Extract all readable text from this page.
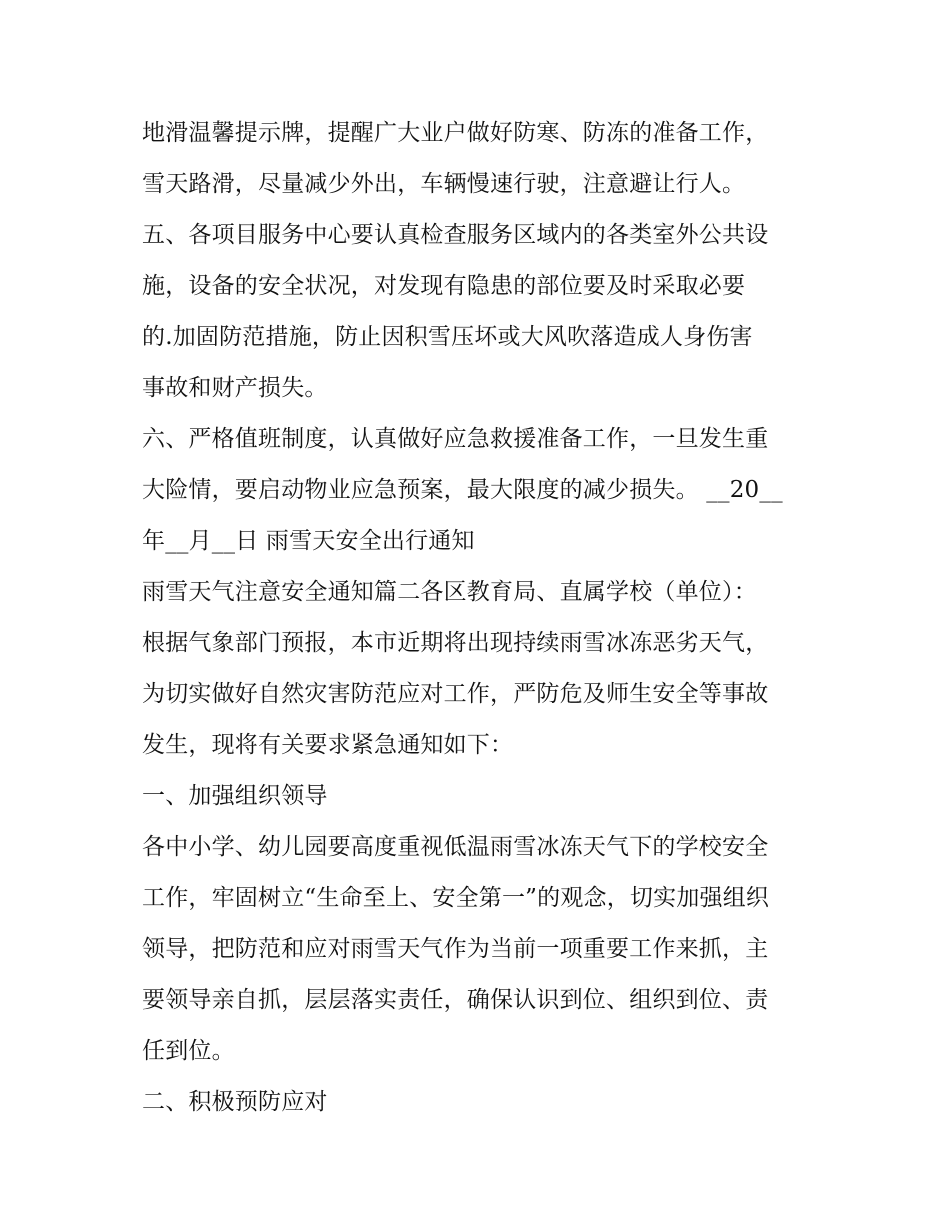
地滑温馨提示牌，提醒广大业户做好防寒、防冻的准备工作，
雪天路滑，尽量减少外出，车辆慢速行驶，注意避让行人。
五、各项目服务中心要认真检查服务区域内的各类室外公共设
施，设备的安全状况，对发现有隐患的部位要及时采取必要
的.加固防范措施，防止因积雪压坏或大风吹落造成人身伤害
事故和财产损失。
六、严格值班制度，认真做好应急救援准备工作，一旦发生重
大险情，要启动物业应急预案，最大限度的减少损失。 __20__
年__月__日 雨雪天安全出行通知
雨雪天气注意安全通知篇二各区教育局、直属学校（单位）：
根据气象部门预报，本市近期将出现持续雨雪冰冻恶劣天气，
为切实做好自然灾害防范应对工作，严防危及师生安全等事故
发生，现将有关要求紧急通知如下：
一、加强组织领导
各中小学、幼儿园要高度重视低温雨雪冰冻天气下的学校安全
工作，牢固树立“生命至上、安全第一”的观念，切实加强组织
领导，把防范和应对雨雪天气作为当前一项重要工作来抓，主
要领导亲自抓，层层落实责任，确保认识到位、组织到位、责
任到位。
二、积极预防应对
